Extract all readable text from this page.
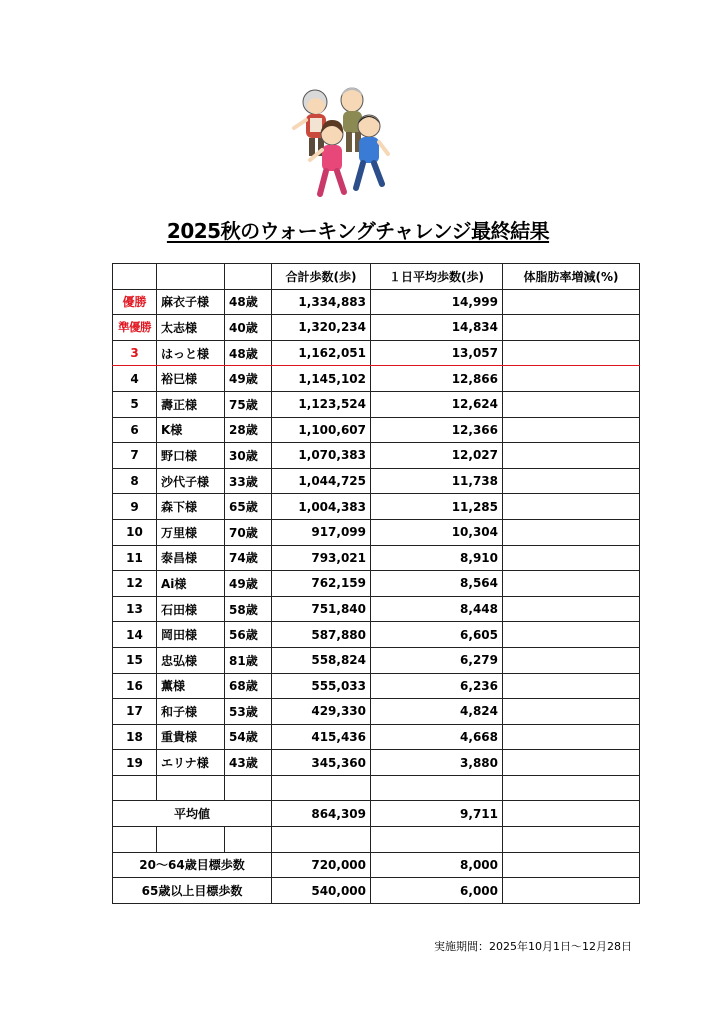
2025秋のウォーキングチャレンジ最終結果
			合計歩数(歩)	１日平均歩数(歩)	体脂肪率増減(%)
優勝	麻衣子様	48歳	1,334,883	14,999	
準優勝	太志様	40歳	1,320,234	14,834	
3	はっと様	48歳	1,162,051	13,057	
4	裕巳様	49歳	1,145,102	12,866	
5	壽正様	75歳	1,123,524	12,624	
6	K様	28歳	1,100,607	12,366	
7	野口様	30歳	1,070,383	12,027	
8	沙代子様	33歳	1,044,725	11,738	
9	森下様	65歳	1,004,383	11,285	
10	万里様	70歳	917,099	10,304	
11	泰昌様	74歳	793,021	8,910	
12	Ai様	49歳	762,159	8,564	
13	石田様	58歳	751,840	8,448	
14	岡田様	56歳	587,880	6,605	
15	忠弘様	81歳	558,824	6,279	
16	薫様	68歳	555,033	6,236	
17	和子様	53歳	429,330	4,824	
18	重貴様	54歳	415,436	4,668	
19	エリナ様	43歳	345,360	3,880	

平均値			864,309	9,711	

20～64歳目標歩数			720,000	8,000	
65歳以上目標歩数			540,000	6,000	
実施期間：2025年10月1日～12月28日
